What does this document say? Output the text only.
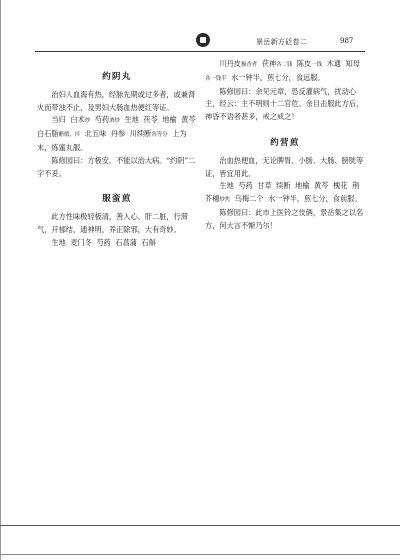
景岳新方砭卷二	987

约阴丸

治妇人血海有热，经脉先期或过多者，或兼肾火而带浊不止，及男妇大肠血热便红等证。

当归  白术炒  芍药酒炒  生地  茯苓  地榆  黄芩  白石脂醋煅、淬  北五味  丹参  川续断各等分  上为末，炼蜜丸服。

陈修园曰：方极安，不能以治大病。“约阴”二字不妥。

服蛮煎

此方性味极轻极清，善入心、肝二脏，行滞气，开郁结，通神明，养正除邪，大有奇妙。

生地  麦门冬  芍药  石菖蒲  石斛

川丹皮极香者  茯神各二钱  陈皮一钱  木通  知母各一钱半  水一钟半，煎七分，食远服。

陈修园曰：余见元章，恐反灌病气，扰动心主，经云：主不明则十二官危。余目击服此方后，神昏不语者甚多，戒之戒之！

约营煎

治血热便血，无论脾胃、小肠、大肠、膀胱等证，皆宜用此。

生地  芍药  甘草  续断  地榆  黄芩  槐花  荆芥穗炒焦  乌梅二个  水一钟半，煎七分，食前服。

陈修园曰：此市上医铃之伎俩，景岳集之以名方，何大言不惭乃尔！
